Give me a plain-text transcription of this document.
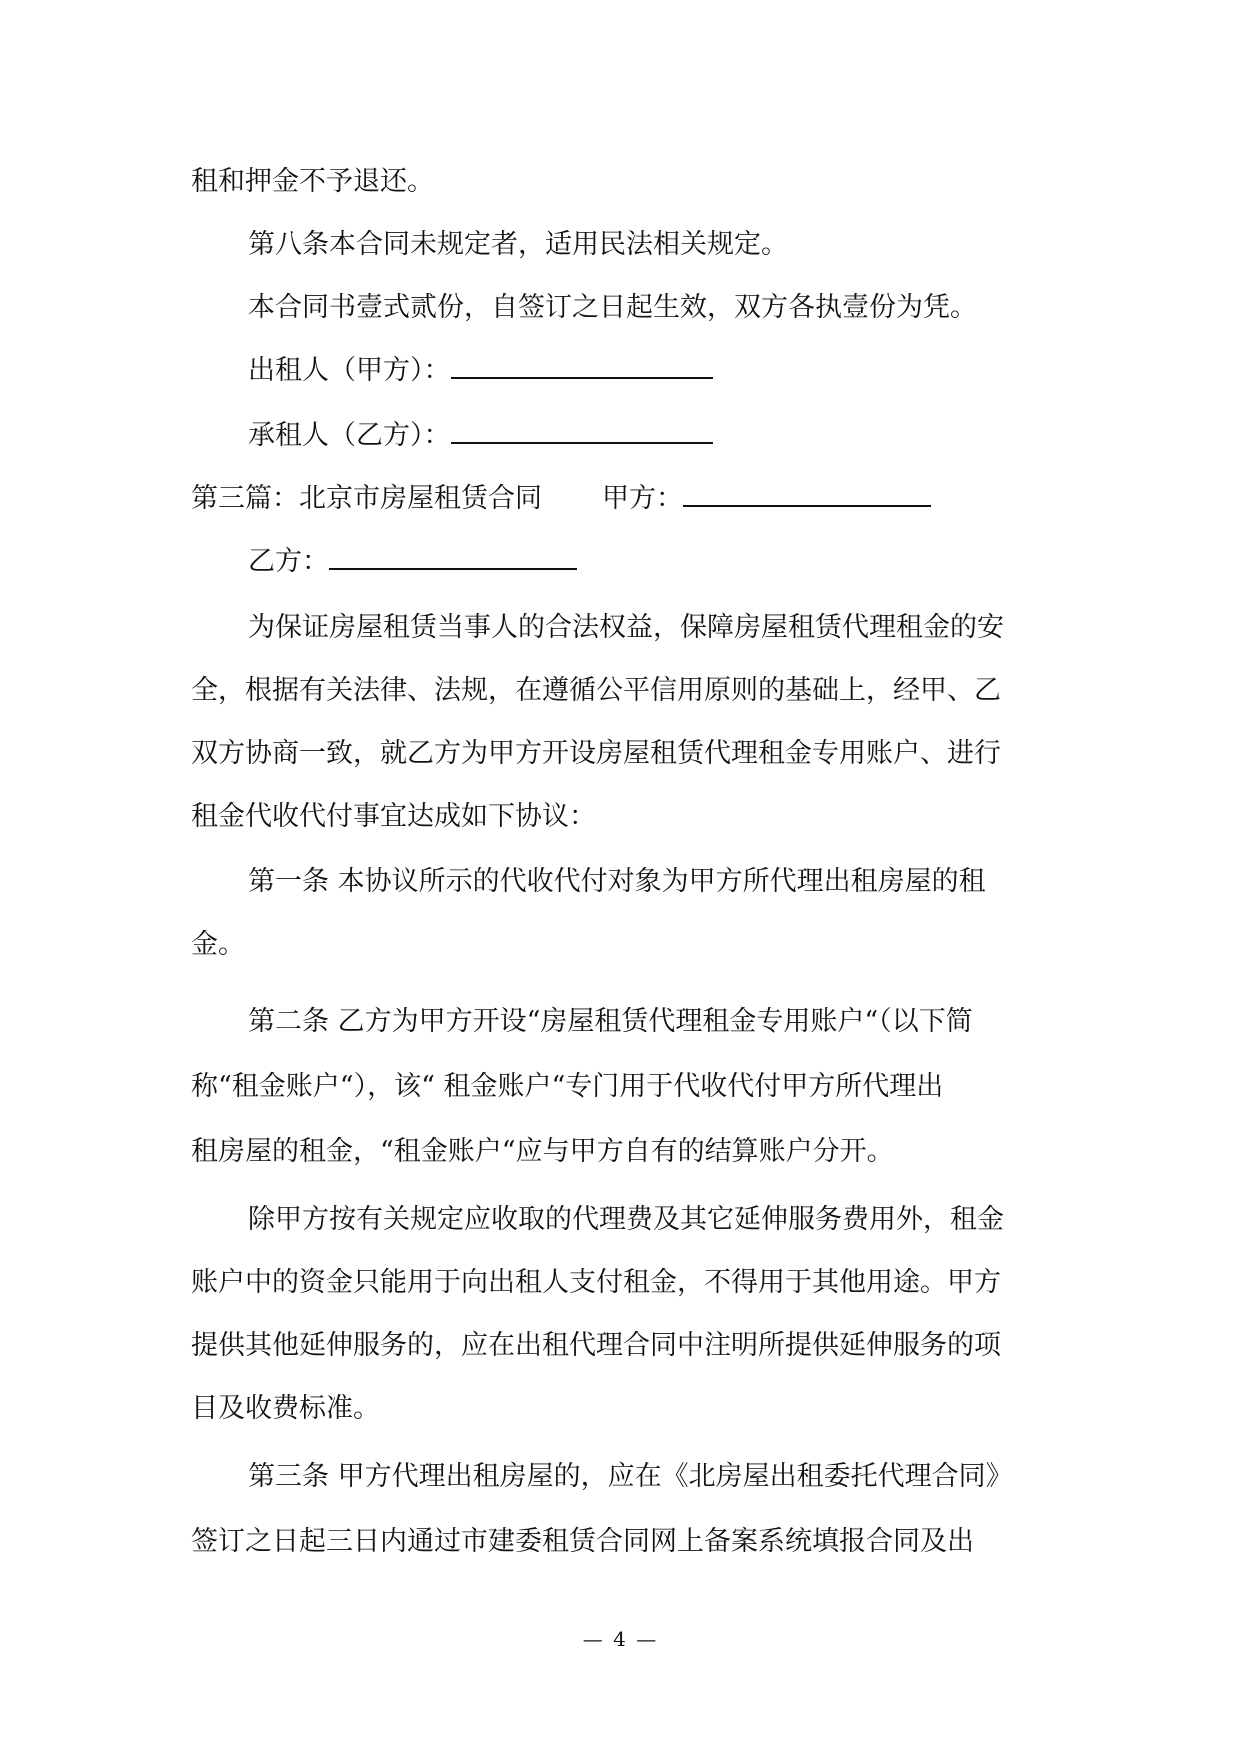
租和押金不予退还。
第八条本合同未规定者，适用民法相关规定。
本合同书壹式贰份，自签订之日起生效，双方各执壹份为凭。
出租人（甲方）：
承租人（乙方）：
第三篇：北京市房屋租赁合同 甲方：
乙方：
为保证房屋租赁当事人的合法权益，保障房屋租赁代理租金的安
全，根据有关法律、法规，在遵循公平信用原则的基础上，经甲、乙
双方协商一致，就乙方为甲方开设房屋租赁代理租金专用账户、进行
租金代收代付事宜达成如下协议：
第一条 本协议所示的代收代付对象为甲方所代理出租房屋的租
金。
第二条 乙方为甲方开设“房屋租赁代理租金专用账户“（以下简
称“租金账户“），该“ 租金账户“专门用于代收代付甲方所代理出
租房屋的租金，“租金账户“应与甲方自有的结算账户分开。
除甲方按有关规定应收取的代理费及其它延伸服务费用外，租金
账户中的资金只能用于向出租人支付租金，不得用于其他用途。甲方
提供其他延伸服务的，应在出租代理合同中注明所提供延伸服务的项
目及收费标准。
第三条 甲方代理出租房屋的，应在《北房屋出租委托代理合同》
签订之日起三日内通过市建委租赁合同网上备案系统填报合同及出
— 4 —
